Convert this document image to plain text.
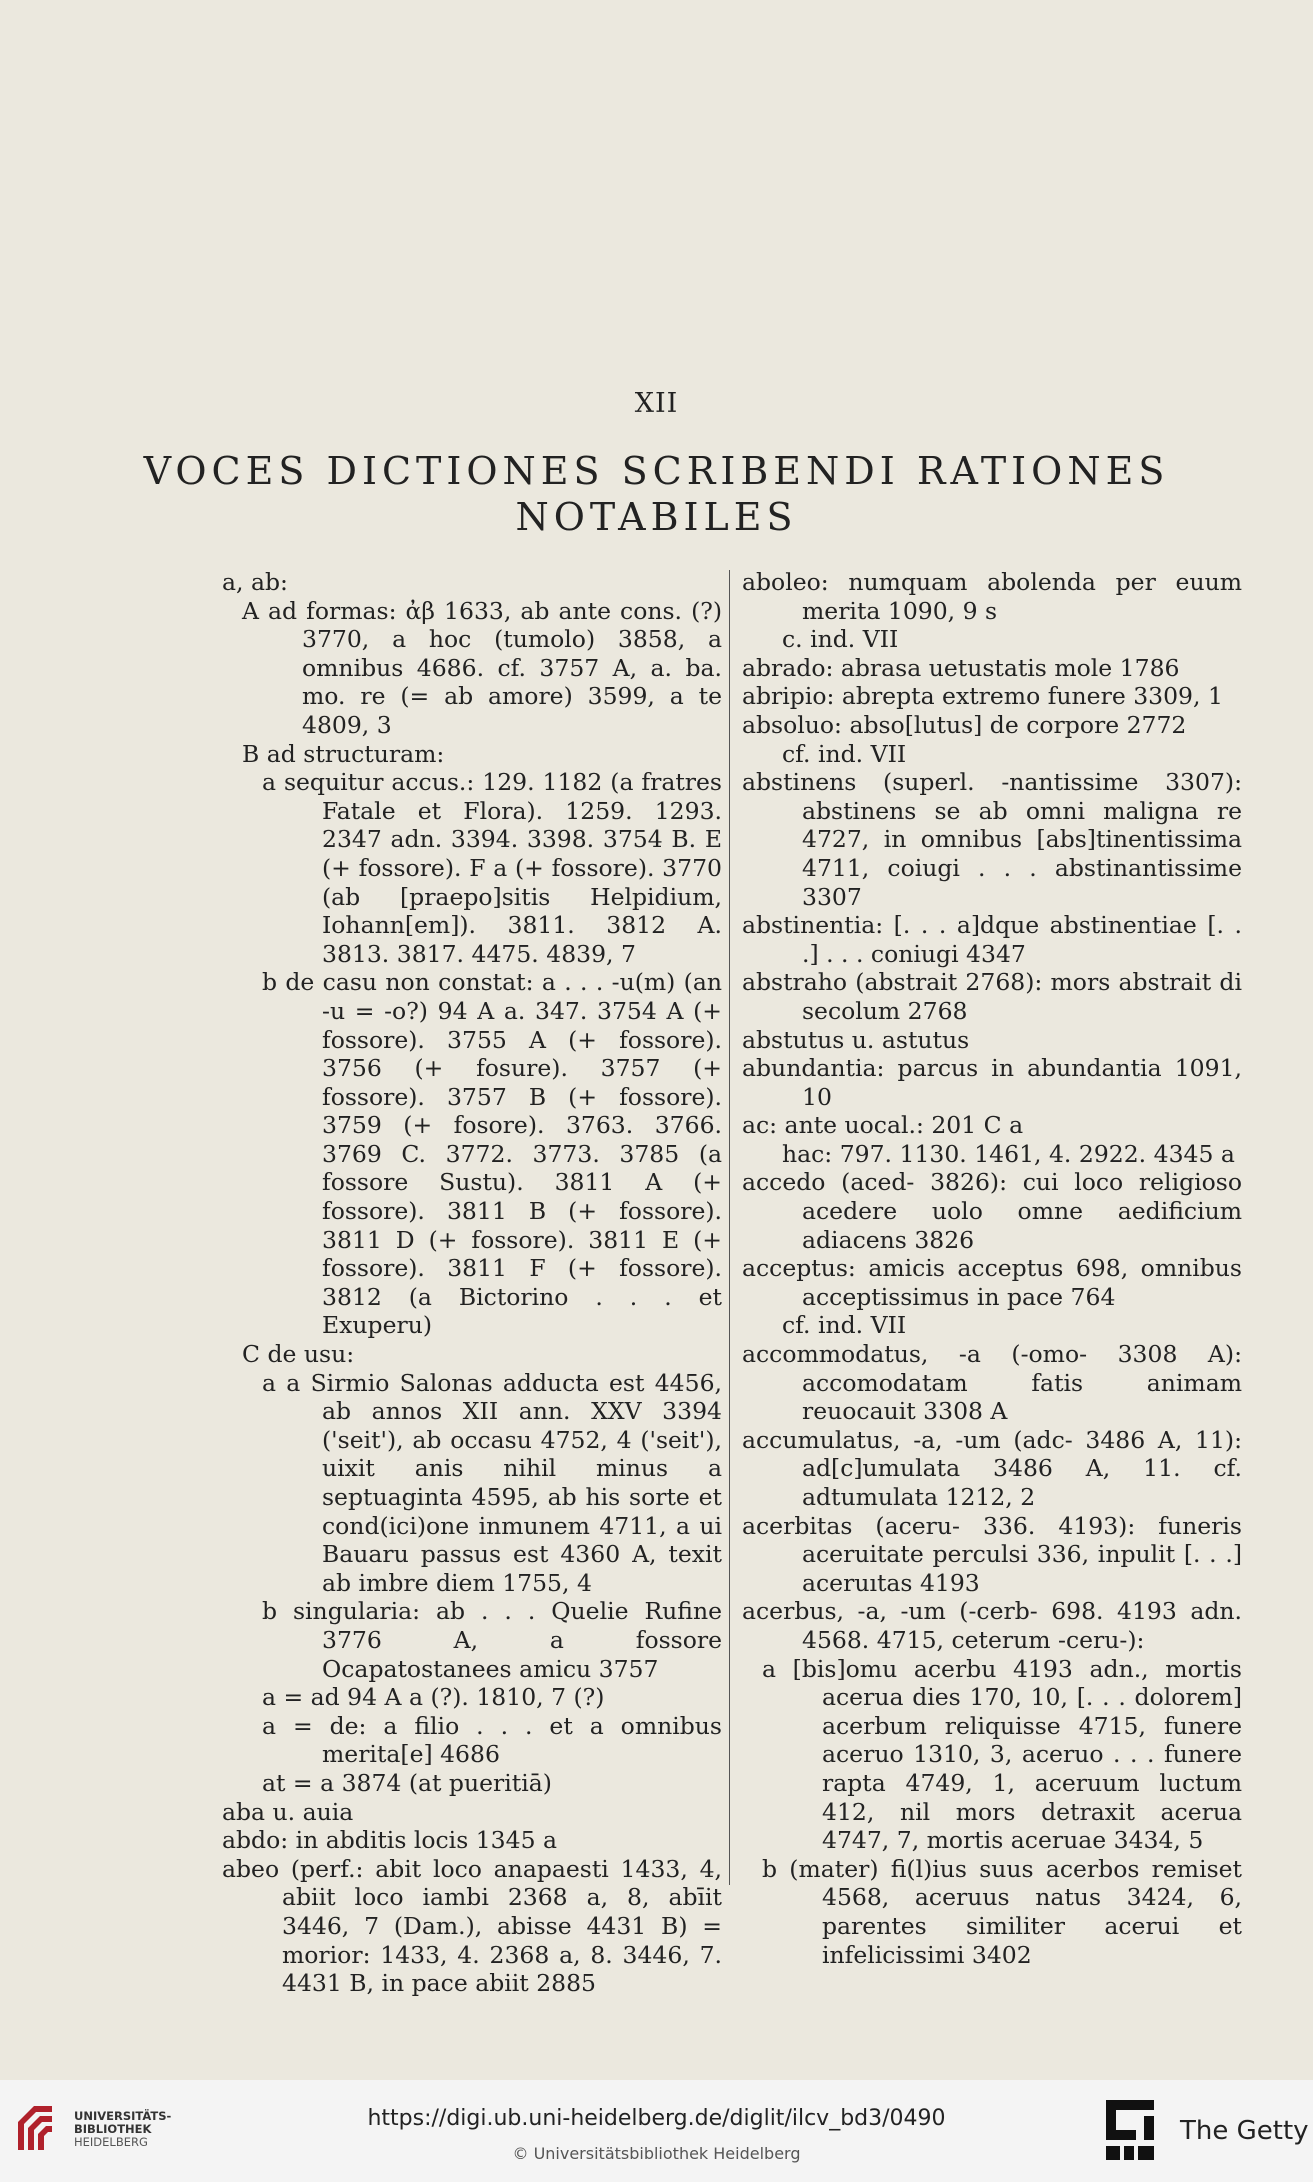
XII
VOCES DICTIONES SCRIBENDI RATIONES
NOTABILES

a, ab:

A ad formas: ἀβ 1633, ab ante cons. (?) 3770, a hoc (tumolo) 3858, a omnibus 4686. cf. 3757 A, a. ba. mo. re (= ab amore) 3599, a te 4809, 3

B ad structuram:

a sequitur accus.: 129. 1182 (a fratres Fatale et Flora). 1259. 1293. 2347 adn. 3394. 3398. 3754 B. E (+ fossore). F a (+ fossore). 3770 (ab [praepo]sitis Helpidium, Iohann[em]). 3811. 3812 A. 3813. 3817. 4475. 4839, 7

b de casu non constat: a . . . -u(m) (an -u = -o?) 94 A a. 347. 3754 A (+ fossore). 3755 A (+ fossore). 3756 (+ fosure). 3757 (+ fossore). 3757 B (+ fossore). 3759 (+ fosore). 3763. 3766. 3769 C. 3772. 3773. 3785 (a fossore Sustu). 3811 A (+ fossore). 3811 B (+ fossore). 3811 D (+ fossore). 3811 E (+ fossore). 3811 F (+ fossore). 3812 (a Bictorino . . . et Exuperu)

C de usu:

a a Sirmio Salonas adducta est 4456, ab annos XII ann. XXV 3394 ('seit'), ab occasu 4752, 4 ('seit'), uixit anis nihil minus a septuaginta 4595, ab his sorte et cond(ici)one inmunem 4711, a ui Bauaru passus est 4360 A, texit ab imbre diem 1755, 4

b singularia: ab . . . Quelie Rufine 3776 A, a fossore Ocapatostanees amicu 3757

a = ad 94 A a (?). 1810, 7 (?)

a = de: a filio . . . et a omnibus merita[e] 4686

at = a 3874 (at pueritiā)

aba u. auia

abdo: in abditis locis 1345 a

abeo (perf.: abit loco anapaesti 1433, 4, abiit loco iambi 2368 a, 8, abīit 3446, 7 (Dam.), abisse 4431 B) = morior: 1433, 4. 2368 a, 8. 3446, 7. 4431 B, in pace abiit 2885

aboleo: numquam abolenda per euum merita 1090, 9 s

c. ind. VII

abrado: abrasa uetustatis mole 1786

abripio: abrepta extremo funere 3309, 1

absoluo: abso[lutus] de corpore 2772

cf. ind. VII

abstinens (superl. -nantissime 3307): abstinens se ab omni maligna re 4727, in omnibus [abs]tinentissima 4711, coiugi . . . abstinantissime 3307

abstinentia: [. . . a]dque abstinentiae [. . .] . . . coniugi 4347

abstraho (abstrait 2768): mors abstrait di secolum 2768

abstutus u. astutus

abundantia: parcus in abundantia 1091, 10

ac: ante uocal.: 201 C a

hac: 797. 1130. 1461, 4. 2922. 4345 a

accedo (aced- 3826): cui loco religioso acedere uolo omne aedificium adiacens 3826

acceptus: amicis acceptus 698, omnibus acceptissimus in pace 764

cf. ind. VII

accommodatus, -a (-omo- 3308 A): accomodatam fatis animam reuocauit 3308 A

accumulatus, -a, -um (adc- 3486 A, 11): ad[c]umulata 3486 A, 11. cf. adtumulata 1212, 2

acerbitas (aceru- 336. 4193): funeris aceruitate perculsi 336, inpulit [. . .] aceruıtas 4193

acerbus, -a, -um (-cerb- 698. 4193 adn. 4568. 4715, ceterum -ceru-):

a [bis]omu acerbu 4193 adn., mortis acerua dies 170, 10, [. . . dolorem] acerbum reliquisse 4715, funere aceruo 1310, 3, aceruo . . . funere rapta 4749, 1, aceruum luctum 412, nil mors detraxit acerua 4747, 7, mortis aceruae 3434, 5

b (mater) fi(l)ius suus acerbos remiset 4568, aceruus natus 3424, 6, parentes similiter acerui et infelicissimi 3402

UNIVERSITÄTS-
BIBLIOTHEK
HEIDELBERG
https://digi.ub.uni-heidelberg.de/diglit/ilcv_bd3/0490
© Universitätsbibliothek Heidelberg
The Getty
